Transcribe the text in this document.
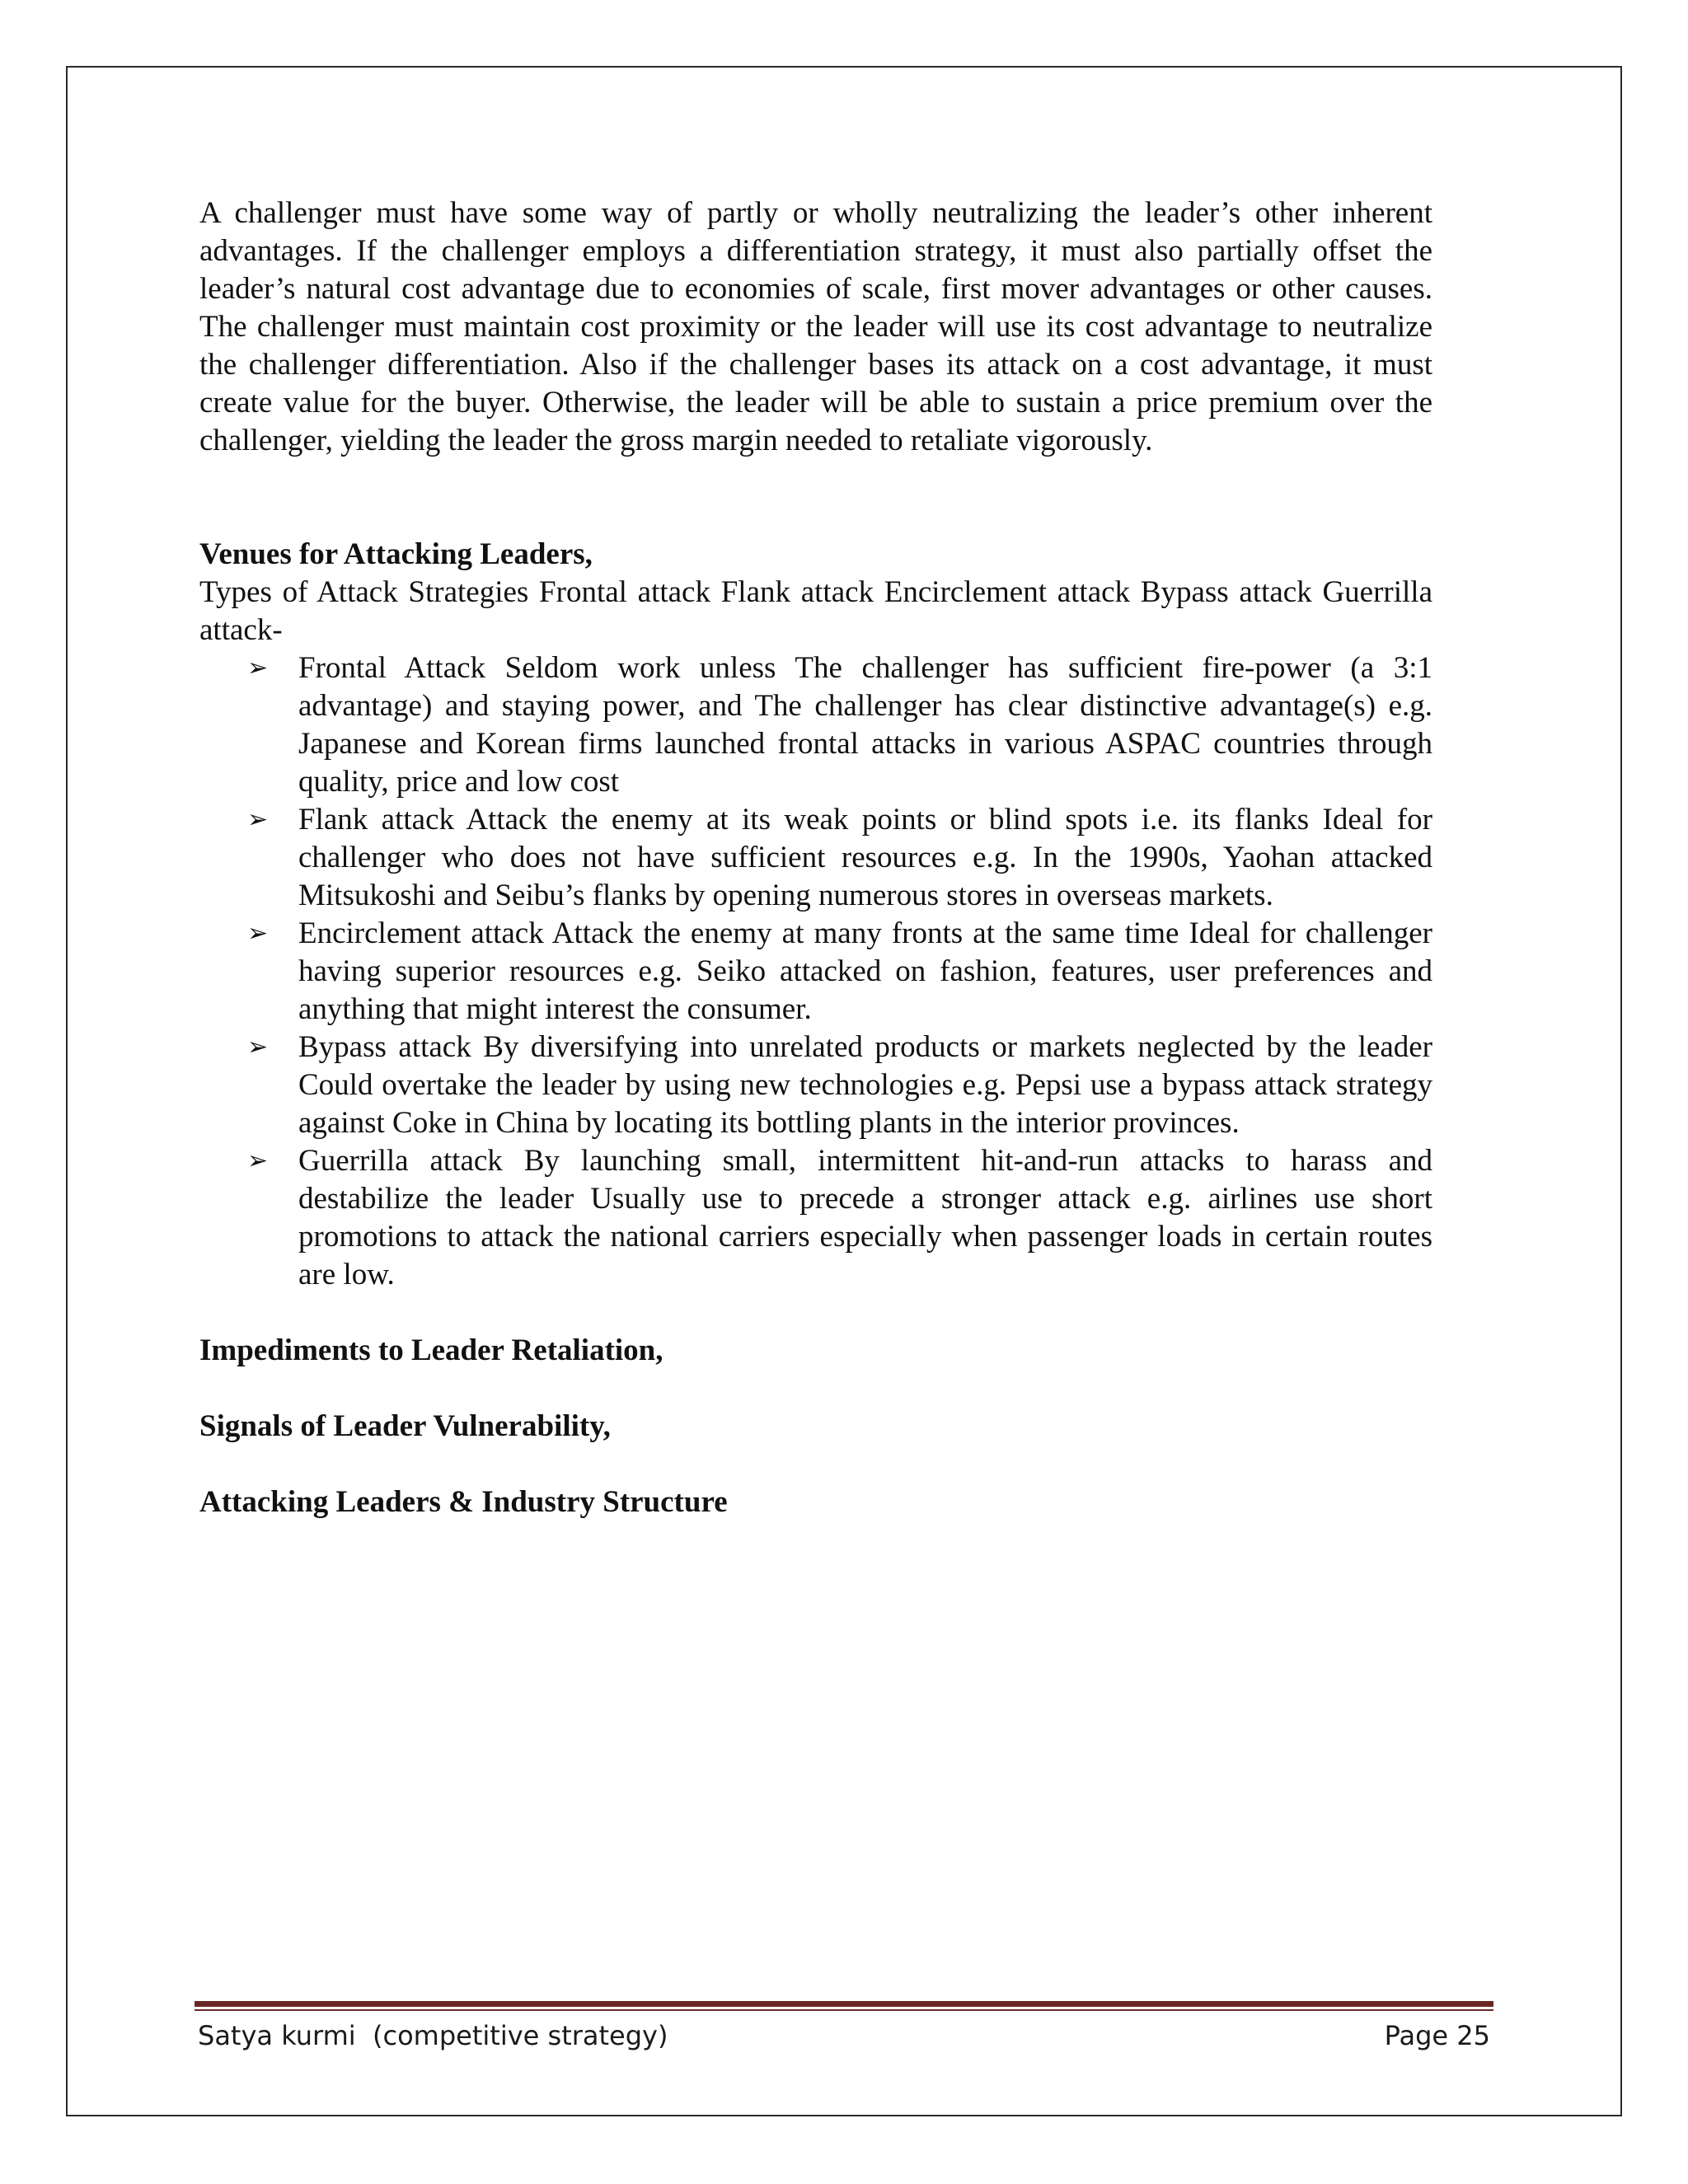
A challenger must have some way of partly or wholly neutralizing the leader’s other inherent advantages. If the challenger employs a differentiation strategy, it must also partially offset the leader’s natural cost advantage due to economies of scale, first mover advantages or other causes. The challenger must maintain cost proximity or the leader will use its cost advantage to neutralize the challenger differentiation. Also if the challenger bases its attack on a cost advantage, it must create value for the buyer. Otherwise, the leader will be able to sustain a price premium over the challenger, yielding the leader the gross margin needed to retaliate vigorously.

Venues for Attacking Leaders,

Types of Attack Strategies Frontal attack Flank attack Encirclement attack Bypass attack Guerrilla attack-

➢ Frontal Attack Seldom work unless The challenger has sufficient fire-power (a 3:1 advantage) and staying power, and The challenger has clear distinctive advantage(s) e.g. Japanese and Korean firms launched frontal attacks in various ASPAC countries through quality, price and low cost
➢ Flank attack Attack the enemy at its weak points or blind spots i.e. its flanks Ideal for challenger who does not have sufficient resources e.g. In the 1990s, Yaohan attacked Mitsukoshi and Seibu’s flanks by opening numerous stores in overseas markets.
➢ Encirclement attack Attack the enemy at many fronts at the same time Ideal for challenger having superior resources e.g. Seiko attacked on fashion, features, user preferences and anything that might interest the consumer.
➢ Bypass attack By diversifying into unrelated products or markets neglected by the leader Could overtake the leader by using new technologies e.g. Pepsi use a bypass attack strategy against Coke in China by locating its bottling plants in the interior provinces.
➢ Guerrilla attack By launching small, intermittent hit-and-run attacks to harass and destabilize the leader Usually use to precede a stronger attack e.g. airlines use short promotions to attack the national carriers especially when passenger loads in certain routes are low.

Impediments to Leader Retaliation,

Signals of Leader Vulnerability,

Attacking Leaders & Industry Structure

Satya kurmi  (competitive strategy)	Page 25
